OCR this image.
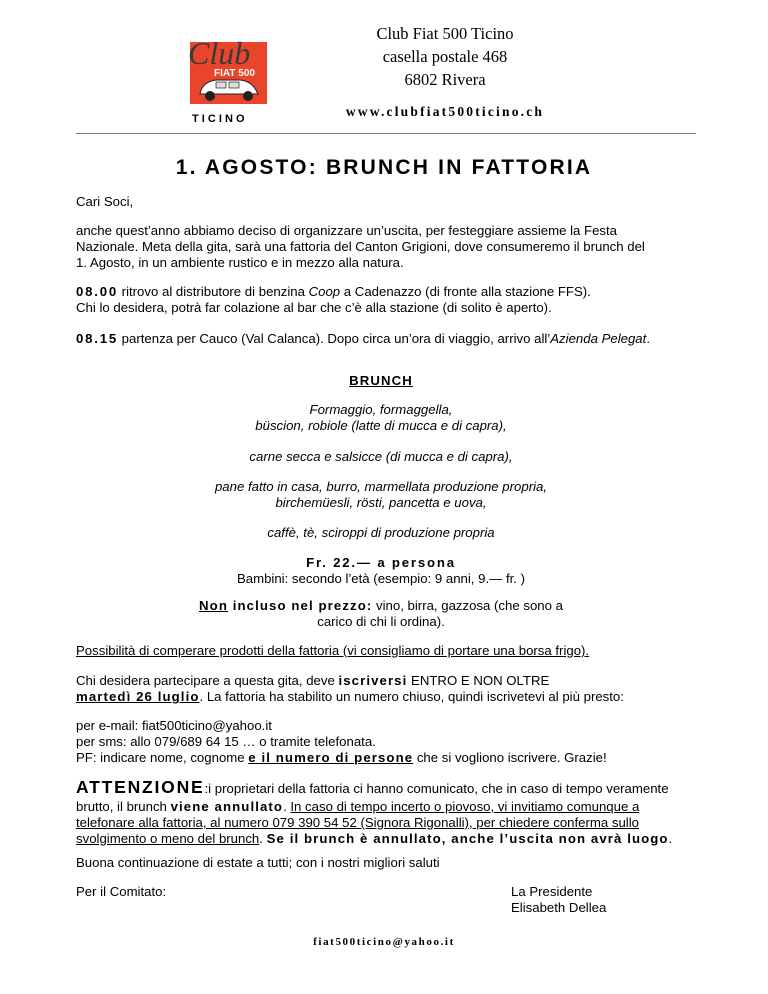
Club
FIAT 500
T I C I N O
Club Fiat 500 Ticino
casella postale 468
6802 Rivera
www.clubfiat500ticino.ch
1. AGOSTO: BRUNCH IN FATTORIA

Cari Soci,

anche quest’anno abbiamo deciso di organizzare un’uscita, per festeggiare assieme la Festa

Nazionale. Meta della gita, sarà una fattoria del Canton Grigioni, dove consumeremo il brunch del

1. Agosto, in un ambiente rustico e in mezzo alla natura.

08.00 ritrovo al distributore di benzina Coop a Cadenazzo (di fronte alla stazione FFS).

Chi lo desidera, potrà far colazione al bar che c’è alla stazione (di solito è aperto).

08.15 partenza per Cauco (Val Calanca). Dopo circa un’ora di viaggio, arrivo all’Azienda Pelegat.

BRUNCH

Formaggio, formaggella,

büscion, robiole (latte di mucca e di capra),

carne secca e salsicce (di mucca e di capra),

pane fatto in casa, burro, marmellata produzione propria,

birchemüesli, rösti, pancetta e uova,

caffè, tè, sciroppi di produzione propria

Fr. 22.— a persona

Bambini: secondo l’età (esempio: 9 anni, 9.— fr. )

Non incluso nel prezzo: vino, birra, gazzosa (che sono a

carico di chi li ordina).

Possibilità di comperare prodotti della fattoria (vi consigliamo di portare una borsa frigo).

Chi desidera partecipare a questa gita, deve iscriversi ENTRO E NON OLTRE

martedì 26 luglio. La fattoria ha stabilito un numero chiuso, quindi iscrivetevi al più presto:

per e-mail: fiat500ticino@yahoo.it

per sms: allo 079/689 64 15 … o tramite telefonata.

PF: indicare nome, cognome e il numero di persone che si vogliono iscrivere. Grazie!

ATTENZIONE:i proprietari della fattoria ci hanno comunicato, che in caso di tempo veramente

brutto, il brunch viene annullato. In caso di tempo incerto o piovoso, vi invitiamo comunque a

telefonare alla fattoria, al numero 079 390 54 52 (Signora Rigonalli), per chiedere conferma sullo

svolgimento o meno del brunch. Se il brunch è annullato, anche l’uscita non avrà luogo.

Buona continuazione di estate a tutti; con i nostri migliori saluti

Per il Comitato:	La Presidente

Elisabeth Dellea

fiat500ticino@yahoo.it
